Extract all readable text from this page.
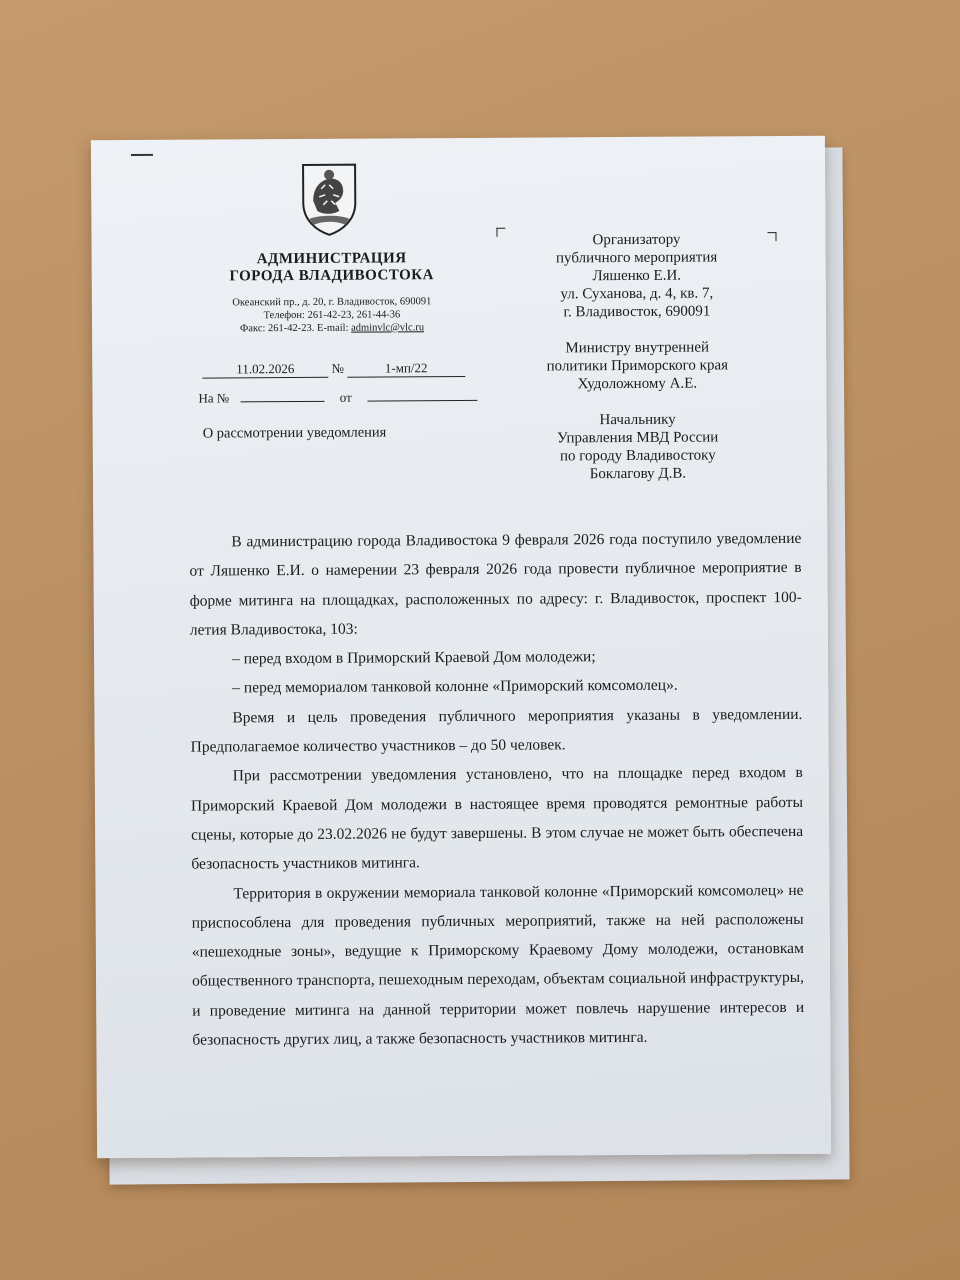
АДМИНИСТРАЦИЯ
ГОРОДА ВЛАДИВОСТОКА
Океанский пр., д. 20, г. Владивосток, 690091
Телефон: 261-42-23, 261-44-36
Факс: 261-42-23. E-mail: adminvlc@vlc.ru
11.02.2026	№	1-мп/22
На №	от
О рассмотрении уведомления
Организатору
публичного мероприятия
Ляшенко Е.И.
ул. Суханова, д. 4, кв. 7,
г. Владивосток, 690091
Министру внутренней
политики Приморского края
Худоложному А.Е.
Начальнику
Управления МВД России
по городу Владивостоку
Боклагову Д.В.

В администрацию города Владивостока 9 февраля 2026 года поступило уведомление от Ляшенко Е.И. о намерении 23 февраля 2026 года провести публичное мероприятие в форме митинга на площадках, расположенных по адресу: г. Владивосток, проспект 100-летия Владивостока, 103:

– перед входом в Приморский Краевой Дом молодежи;

– перед мемориалом танковой колонне «Приморский комсомолец».

Время и цель проведения публичного мероприятия указаны в уведомлении. Предполагаемое количество участников – до 50 человек.

При рассмотрении уведомления установлено, что на площадке перед входом в Приморский Краевой Дом молодежи в настоящее время проводятся ремонтные работы сцены, которые до 23.02.2026 не будут завершены. В этом случае не может быть обеспечена безопасность участников митинга.

Территория в окружении мемориала танковой колонне «Приморский комсомолец» не приспособлена для проведения публичных мероприятий, также на ней расположены «пешеходные зоны», ведущие к Приморскому Краевому Дому молодежи, остановкам общественного транспорта, пешеходным переходам, объектам социальной инфраструктуры, и проведение митинга на данной территории может повлечь нарушение интересов и безопасность других лиц, а также безопасность участников митинга.
